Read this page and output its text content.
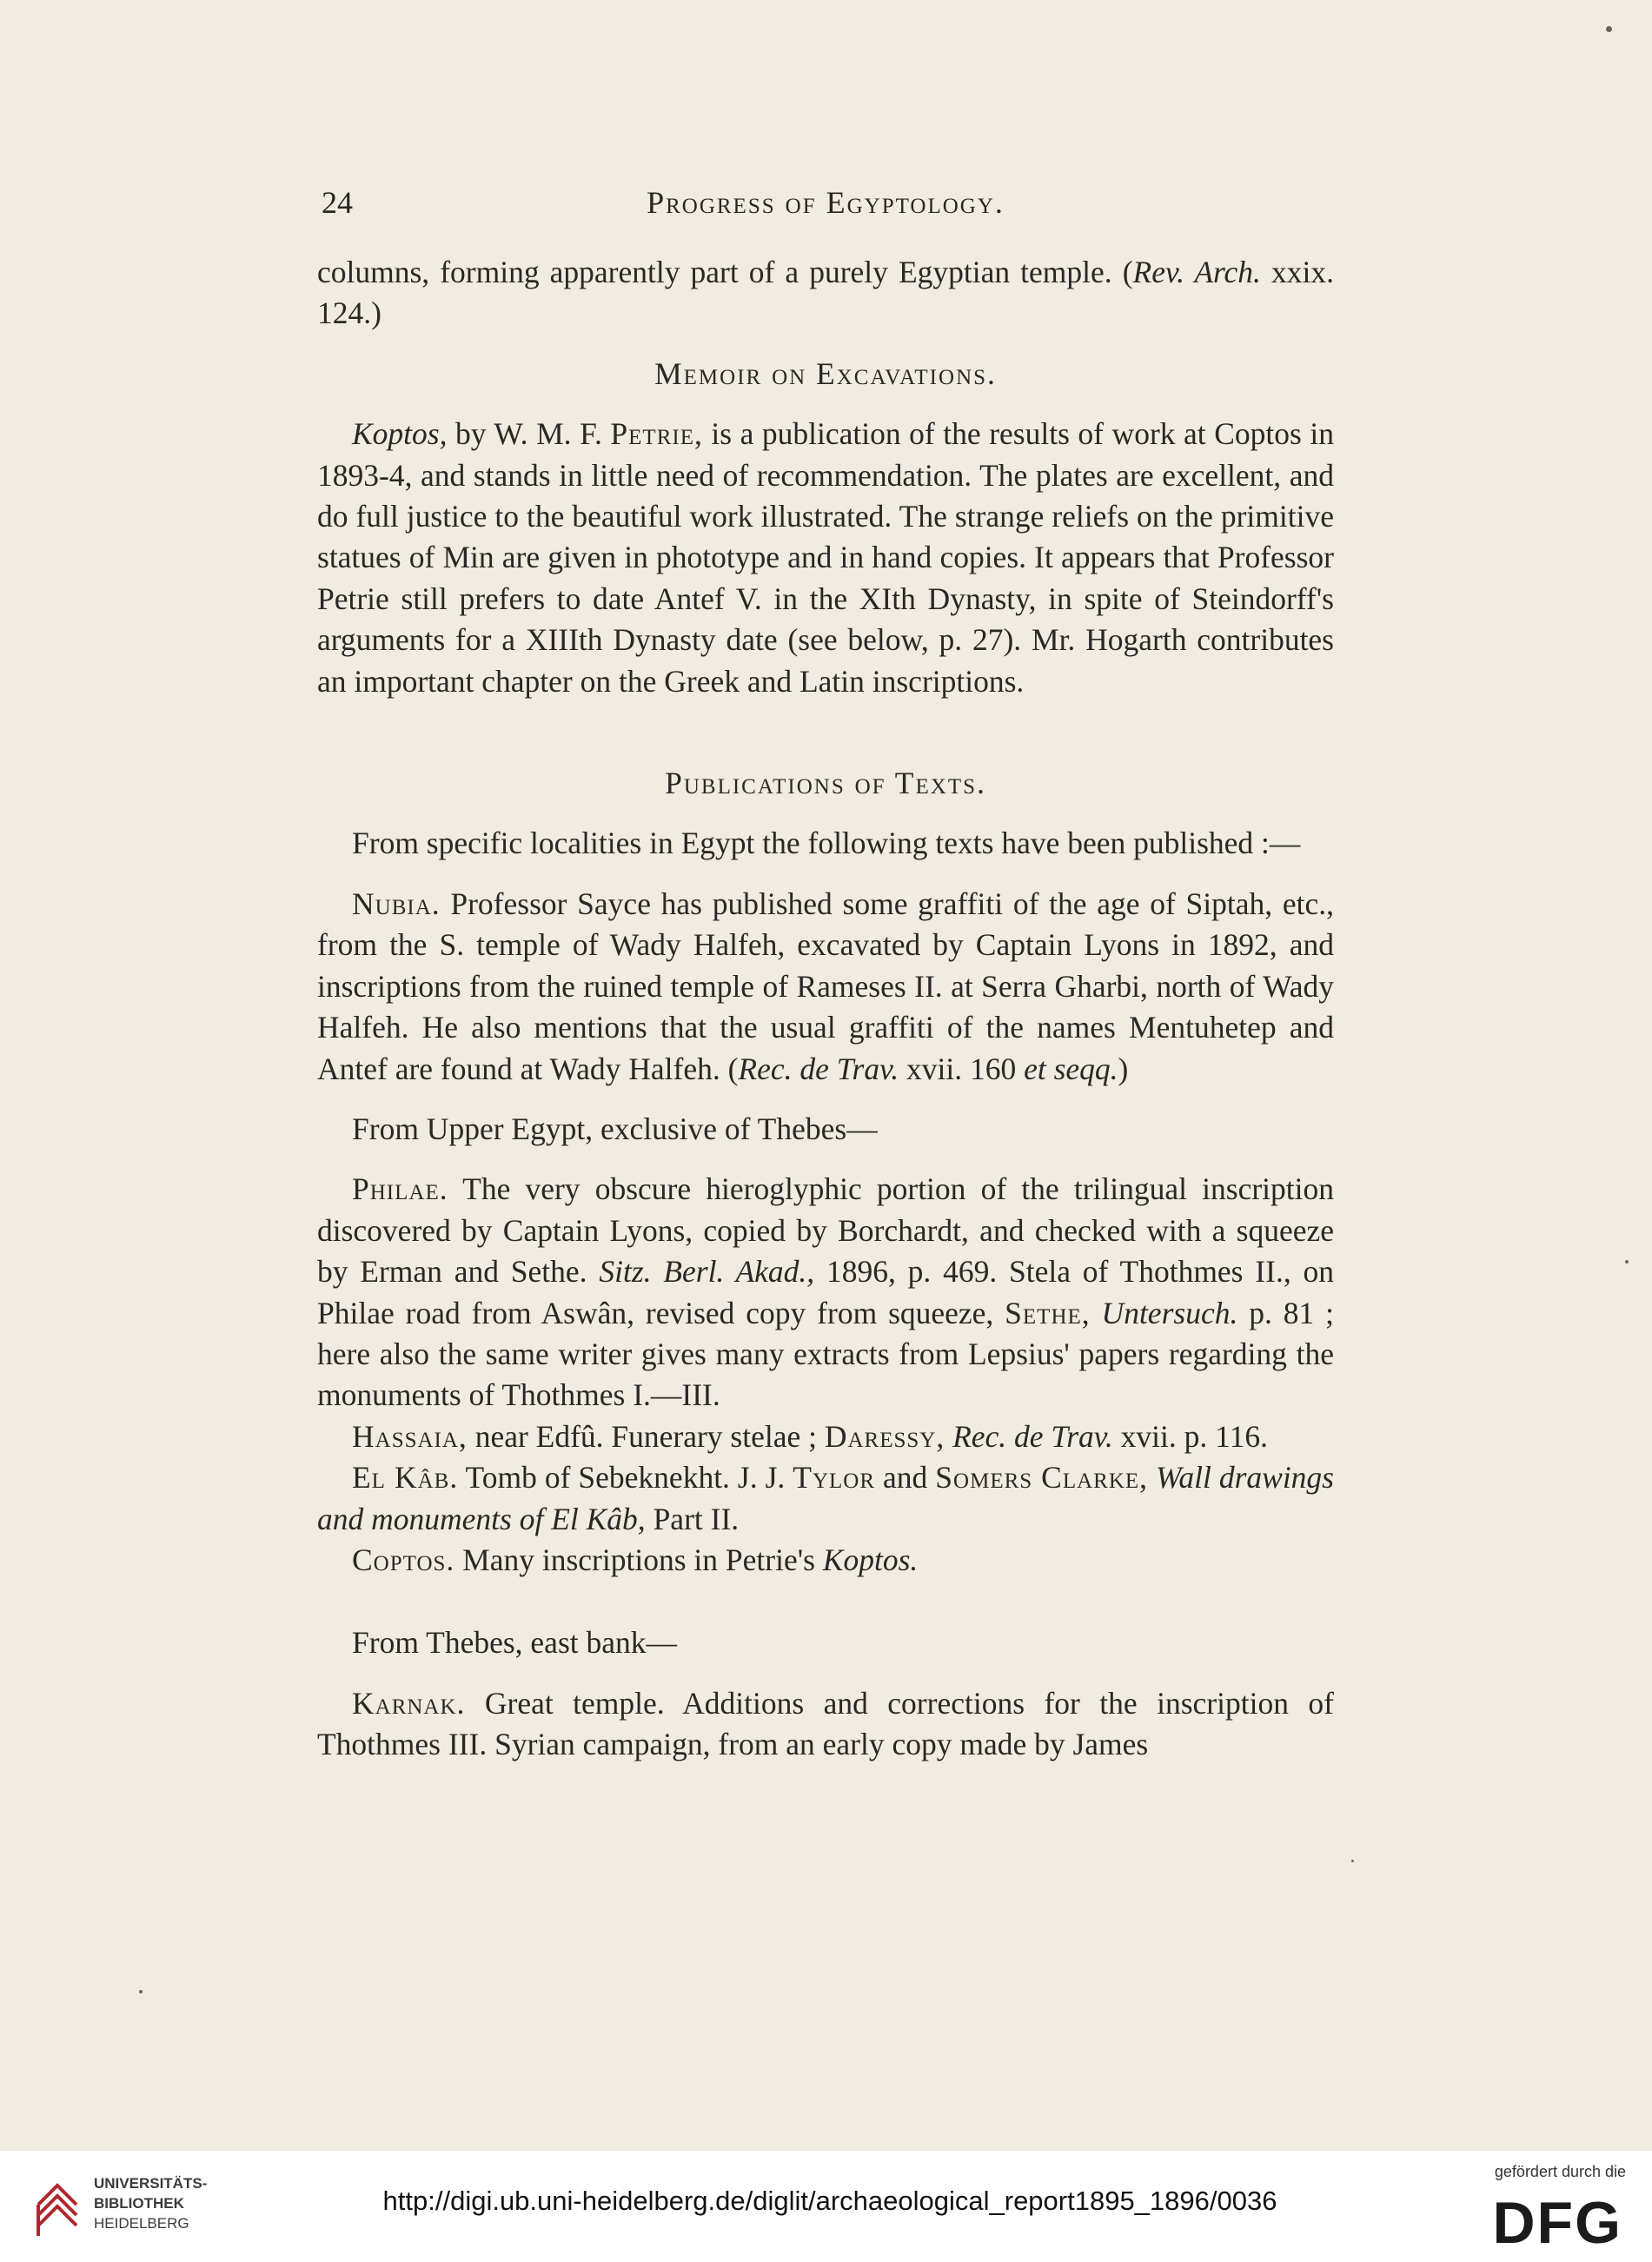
24	Progress of Egyptology.

columns, forming apparently part of a purely Egyptian temple. (Rev. Arch. xxix. 124.)

Memoir on Excavations.

Koptos, by W. M. F. Petrie, is a publication of the results of work at Coptos in 1893-4, and stands in little need of recommendation. The plates are excellent, and do full justice to the beautiful work illustrated. The strange reliefs on the primitive statues of Min are given in phototype and in hand copies. It appears that Professor Petrie still prefers to date Antef V. in the XIth Dynasty, in spite of Steindorff's arguments for a XIIIth Dynasty date (see below, p. 27). Mr. Hogarth contributes an important chapter on the Greek and Latin inscriptions.

Publications of Texts.

From specific localities in Egypt the following texts have been published :—

Nubia. Professor Sayce has published some graffiti of the age of Siptah, etc., from the S. temple of Wady Halfeh, excavated by Captain Lyons in 1892, and inscriptions from the ruined temple of Rameses II. at Serra Gharbi, north of Wady Halfeh. He also mentions that the usual graffiti of the names Mentuhetep and Antef are found at Wady Halfeh. (Rec. de Trav. xvii. 160 et seqq.)

From Upper Egypt, exclusive of Thebes—

Philae. The very obscure hieroglyphic portion of the trilingual inscription discovered by Captain Lyons, copied by Borchardt, and checked with a squeeze by Erman and Sethe. Sitz. Berl. Akad., 1896, p. 469. Stela of Thothmes II., on Philae road from Aswân, revised copy from squeeze, Sethe, Untersuch. p. 81 ; here also the same writer gives many extracts from Lepsius' papers regarding the monuments of Thothmes I.—III.

Hassaia, near Edfû. Funerary stelae ; Daressy, Rec. de Trav. xvii. p. 116.

El Kâb. Tomb of Sebeknekht. J. J. Tylor and Somers Clarke, Wall drawings and monuments of El Kâb, Part II.

Coptos. Many inscriptions in Petrie's Koptos.

From Thebes, east bank—

Karnak. Great temple. Additions and corrections for the inscription of Thothmes III. Syrian campaign, from an early copy made by James

UNIVERSITÄTS-
BIBLIOTHEK
HEIDELBERG
http://digi.ub.uni-heidelberg.de/diglit/archaeological_report1895_1896/0036
gefördert durch die
DFG
